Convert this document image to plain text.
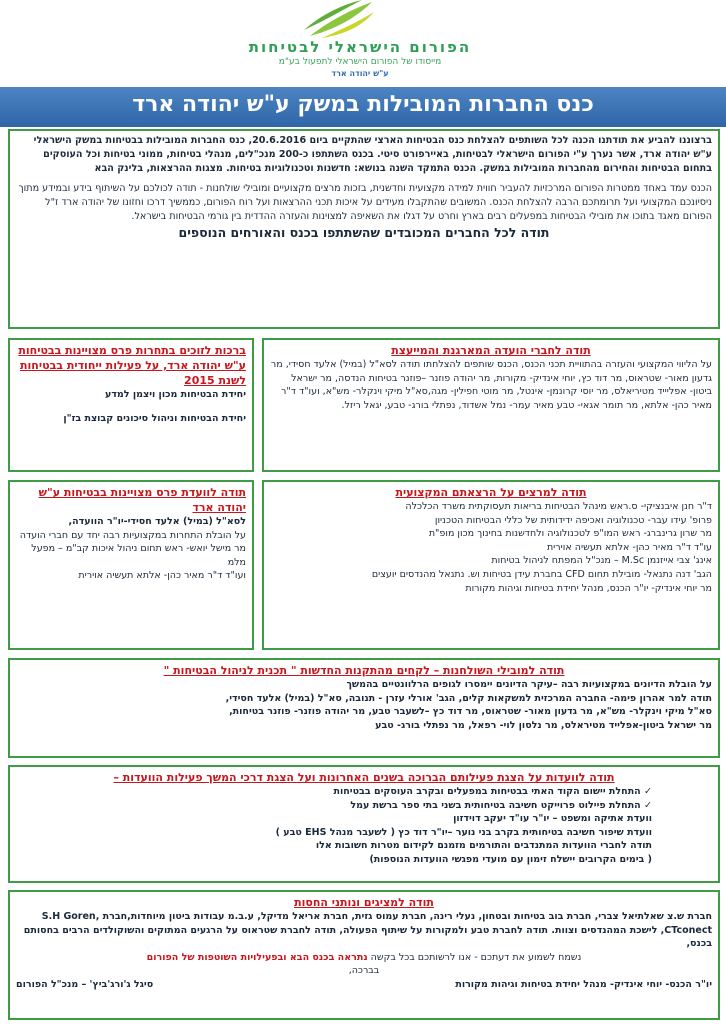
הפורום הישראלי לבטיחות
מייסודו של הפורום הישראלי לתפעול בע"מ
ע"ש יהודה ארד
כנס החברות המובילות במשק ע"ש יהודה ארד

ברצוננו להביע את תודתנו הכנה לכל השותפים להצלחת כנס הבטיחות הארצי שהתקיים ביום 20.6.2016, כנס החברות המובילות בבטיחות במשק הישראלי ע"ש יהודה ארד, אשר נערך ע"י הפורום הישראלי לבטיחות, באיירפורט סיטי. בכנס השתתפו כ-200 מנכ"לים, מנהלי בטיחות, ממוני בטיחות וכל העוסקים בתחום הבטיחות והחירום מהחברות המובילות במשק. הכנס התמקד השנה בנושא: חדשנות וטכנולוגיות בטיחות. מצגות ההרצאות, בלינק הבא

הכנס עמד באחד ממטרות הפורום המרכזיות להעביר חווית למידה מקצועית וחדשנית, בזכות מרצים מקצועיים ומובילי שולחנות - תודה לכולכם על השיתוף בידע ובמידע מתוך ניסיונכם המקצועי ועל תרומתכם הרבה להצלחת הכנס. המשובים שהתקבלו מעידים על איכות תכני ההרצאות ועל רוח הפורום, כממשיך דרכו וחזונו של יהודה ארד ז"ל הפורום מאגד בתוכו את מובילי הבטיחות במפעלים רבים בארץ וחרט על דגלו את השאיפה למצוינות והעזרה ההדדית בין גורמי הבטיחות בישראל.

תודה לכל החברים המכובדים שהשתתפו בכנס והאורחים הנוספים

תודה לחברי הועדה המארגנת והמייעצת

על הליווי המקצועי והעזרה בהתוויית תכני הכנס, הכנס שותפים להצלחתו תודה לסא"ל (במיל) אלעד חסידי, מר גדעון מאור- שטראוס, מר דוד כץ, יוחי אינדיק- מקורות, מר יהודה פוזנר –פוזנר בטיחות הנדסה, מר ישראל ביטון- אפליייד מטיריאלס, מר יוסי קרונמן- אינטל, מר מוטי חפילין- מגה,סא"ל מיקי וינקלר- מש"א, ועו"ד ד"ר מאיר כהן- אלתא, מר תומר אגאי- טבע מאיר עמר- נמל אשדוד, נפתלי בורג- טבע, יגאל ריזל.

ברכות לזוכים בתחרות פרס מצויינות בבטיחות ע"ש יהודה ארד, על פעילות ייחודית בבטיחות לשנת 2015

יחידת הבטיחות מכון ויצמן למדע

יחידת הבטיחות וניהול סיכונים קבוצת בז"ן

תודה למרצים על הרצאתם המקצועית

ד"ר חנן איבנציקי- ס.ראש מינהל הבטיחות בריאות תעסוקתית משרד הכלכלה

פרופ' עידו עבר- טכנולוגיה ואכיפה ידידותית של כללי הבטיחות הטכניון

מר שרון גרינברג- ראש המו"פ לטכנולוגיה ולחדשנות בחינוך מכון מופ"ת

עו"ד ד"ר מאיר כהן- אלתא תעשיה אוירית

אינג' צבי אייזנמן M.Sc – מנכ"ל המפתח לניהול בטיחות

הגב' דנה נתנאל- מובילת תחום CFD בחברת עידן בטיחות וש. נתנאל מהנדסים יועצים

מר יוחי אינדיק- יו"ר הכנס, מנהל יחידת בטיחות וגיהות מקורות

תודה לוועדת פרס מצויינות בבטיחות ע"ש יהודה ארד

לסא"ל (במיל) אלעד חסידי-יו"ר הוועדה,

על הובלת התחרות במקצועיות רבה יחד עם חברי הועדה

מר מישל יואש- ראש תחום ניהול איכות קב"מ – מפעל מלמ

ועו"ד ד"ר מאיר כהן- אלתא תעשיה אוירית

תודה למובילי השולחנות – לקחים מהתקנות החדשות " תכנית לניהול הבטיחות "

על הובלת הדיונים במקצועיות רבה –עיקר הדיונים יימסרו לגופים הרלוונטיים בהמשך

תודה למר אהרון פימה- החברה המרכזית למשקאות קלים, הגב' אורלי עזרן - תנובה, סא"ל (במיל) אלעד חסידי,

סא"ל מיקי וינקלר- מש"א, מר גדעון מאור- שטראוס, מר דוד כץ –לשעבר טבע, מר יהודה פוזנר- פוזנר בטיחות,

מר ישראל ביטון-אפלייד מטיראלס, מר נלסון לוי- רפאל, מר נפתלי בורג- טבע

תודה לוועדות על הצגת פעילותם הברוכה בשנים האחרונות ועל הצגת דרכי המשך פעילות הוועדות –

✓ התחלת יישום הקוד האתי בבטיחות במפעלים ובקרב העוסקים בבטיחות

✓ התחלת פיילוט פרוייקט חשיבה בטיחותית בשני בתי ספר ברשת עמל

וועדת אתיקה ומשפט – יו"ר עו"ד יעקב דוידזון

וועדת שיפור חשיבה בטיחותית בקרב בני נוער –יו"ר דוד כץ ( לשעבר מנהל EHS טבע )

תודה לחברי הוועדות המתנדבים והתורמים מזמנם לקידום מטרות חשובות אלו

( בימים הקרובים יישלח זימון עם מועדי מפגשי הוועדות הנוספות)

תודה למציגים ונותני החסות

חברת ש.צ שאלתיאל צברי, חברת בוב בטיחות ובטחון, נעלי רינה, חברת עמוס גזית, חברת אריאל מדיקל, ע.ב.מ עבודות ביטון מיוחדות,חברת S.H Goren, CTconect, לישכת המהנדסים וצוות. תודה לחברת טבע ולמקורות על שיתוף הפעולה, תודה לחברת שטראוס על הרגעים המתוקים והשוקולדים הרבים בחסותם בכנס,

נשמח לשמוע את דעתכם - אנו לרשותכם בכל בקשה נתראה בכנס הבא ובפעילויות השוטפות של הפורום

בברכה,

יו"ר הכנס- יוחי אינדיק- מנהל יחידת בטיחות וגיהות מקורות
סיגל ג'ורג'ביץ' – מנכ"ל הפורום
